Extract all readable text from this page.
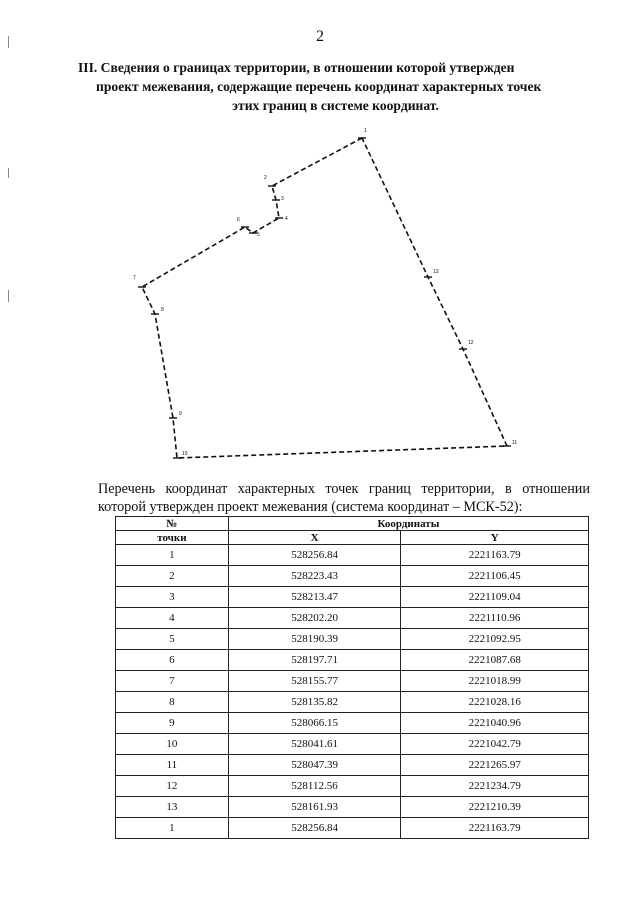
2
III. Сведения о границах территории, в отношении которой утвержден
проект межевания, содержащие перечень координат характерных точек
этих границ в системе координат.
1
2
3
4
5
6
7
8
9
10
11
12
13
Перечень координат характерных точек границ территории, в отношении которой утвержден проект межевания (система координат – МСК-52):
№	Координаты	
точки	X	Y
1	528256.84	2221163.79
2	528223.43	2221106.45
3	528213.47	2221109.04
4	528202.20	2221110.96
5	528190.39	2221092.95
6	528197.71	2221087.68
7	528155.77	2221018.99
8	528135.82	2221028.16
9	528066.15	2221040.96
10	528041.61	2221042.79
11	528047.39	2221265.97
12	528112.56	2221234.79
13	528161.93	2221210.39
1	528256.84	2221163.79
